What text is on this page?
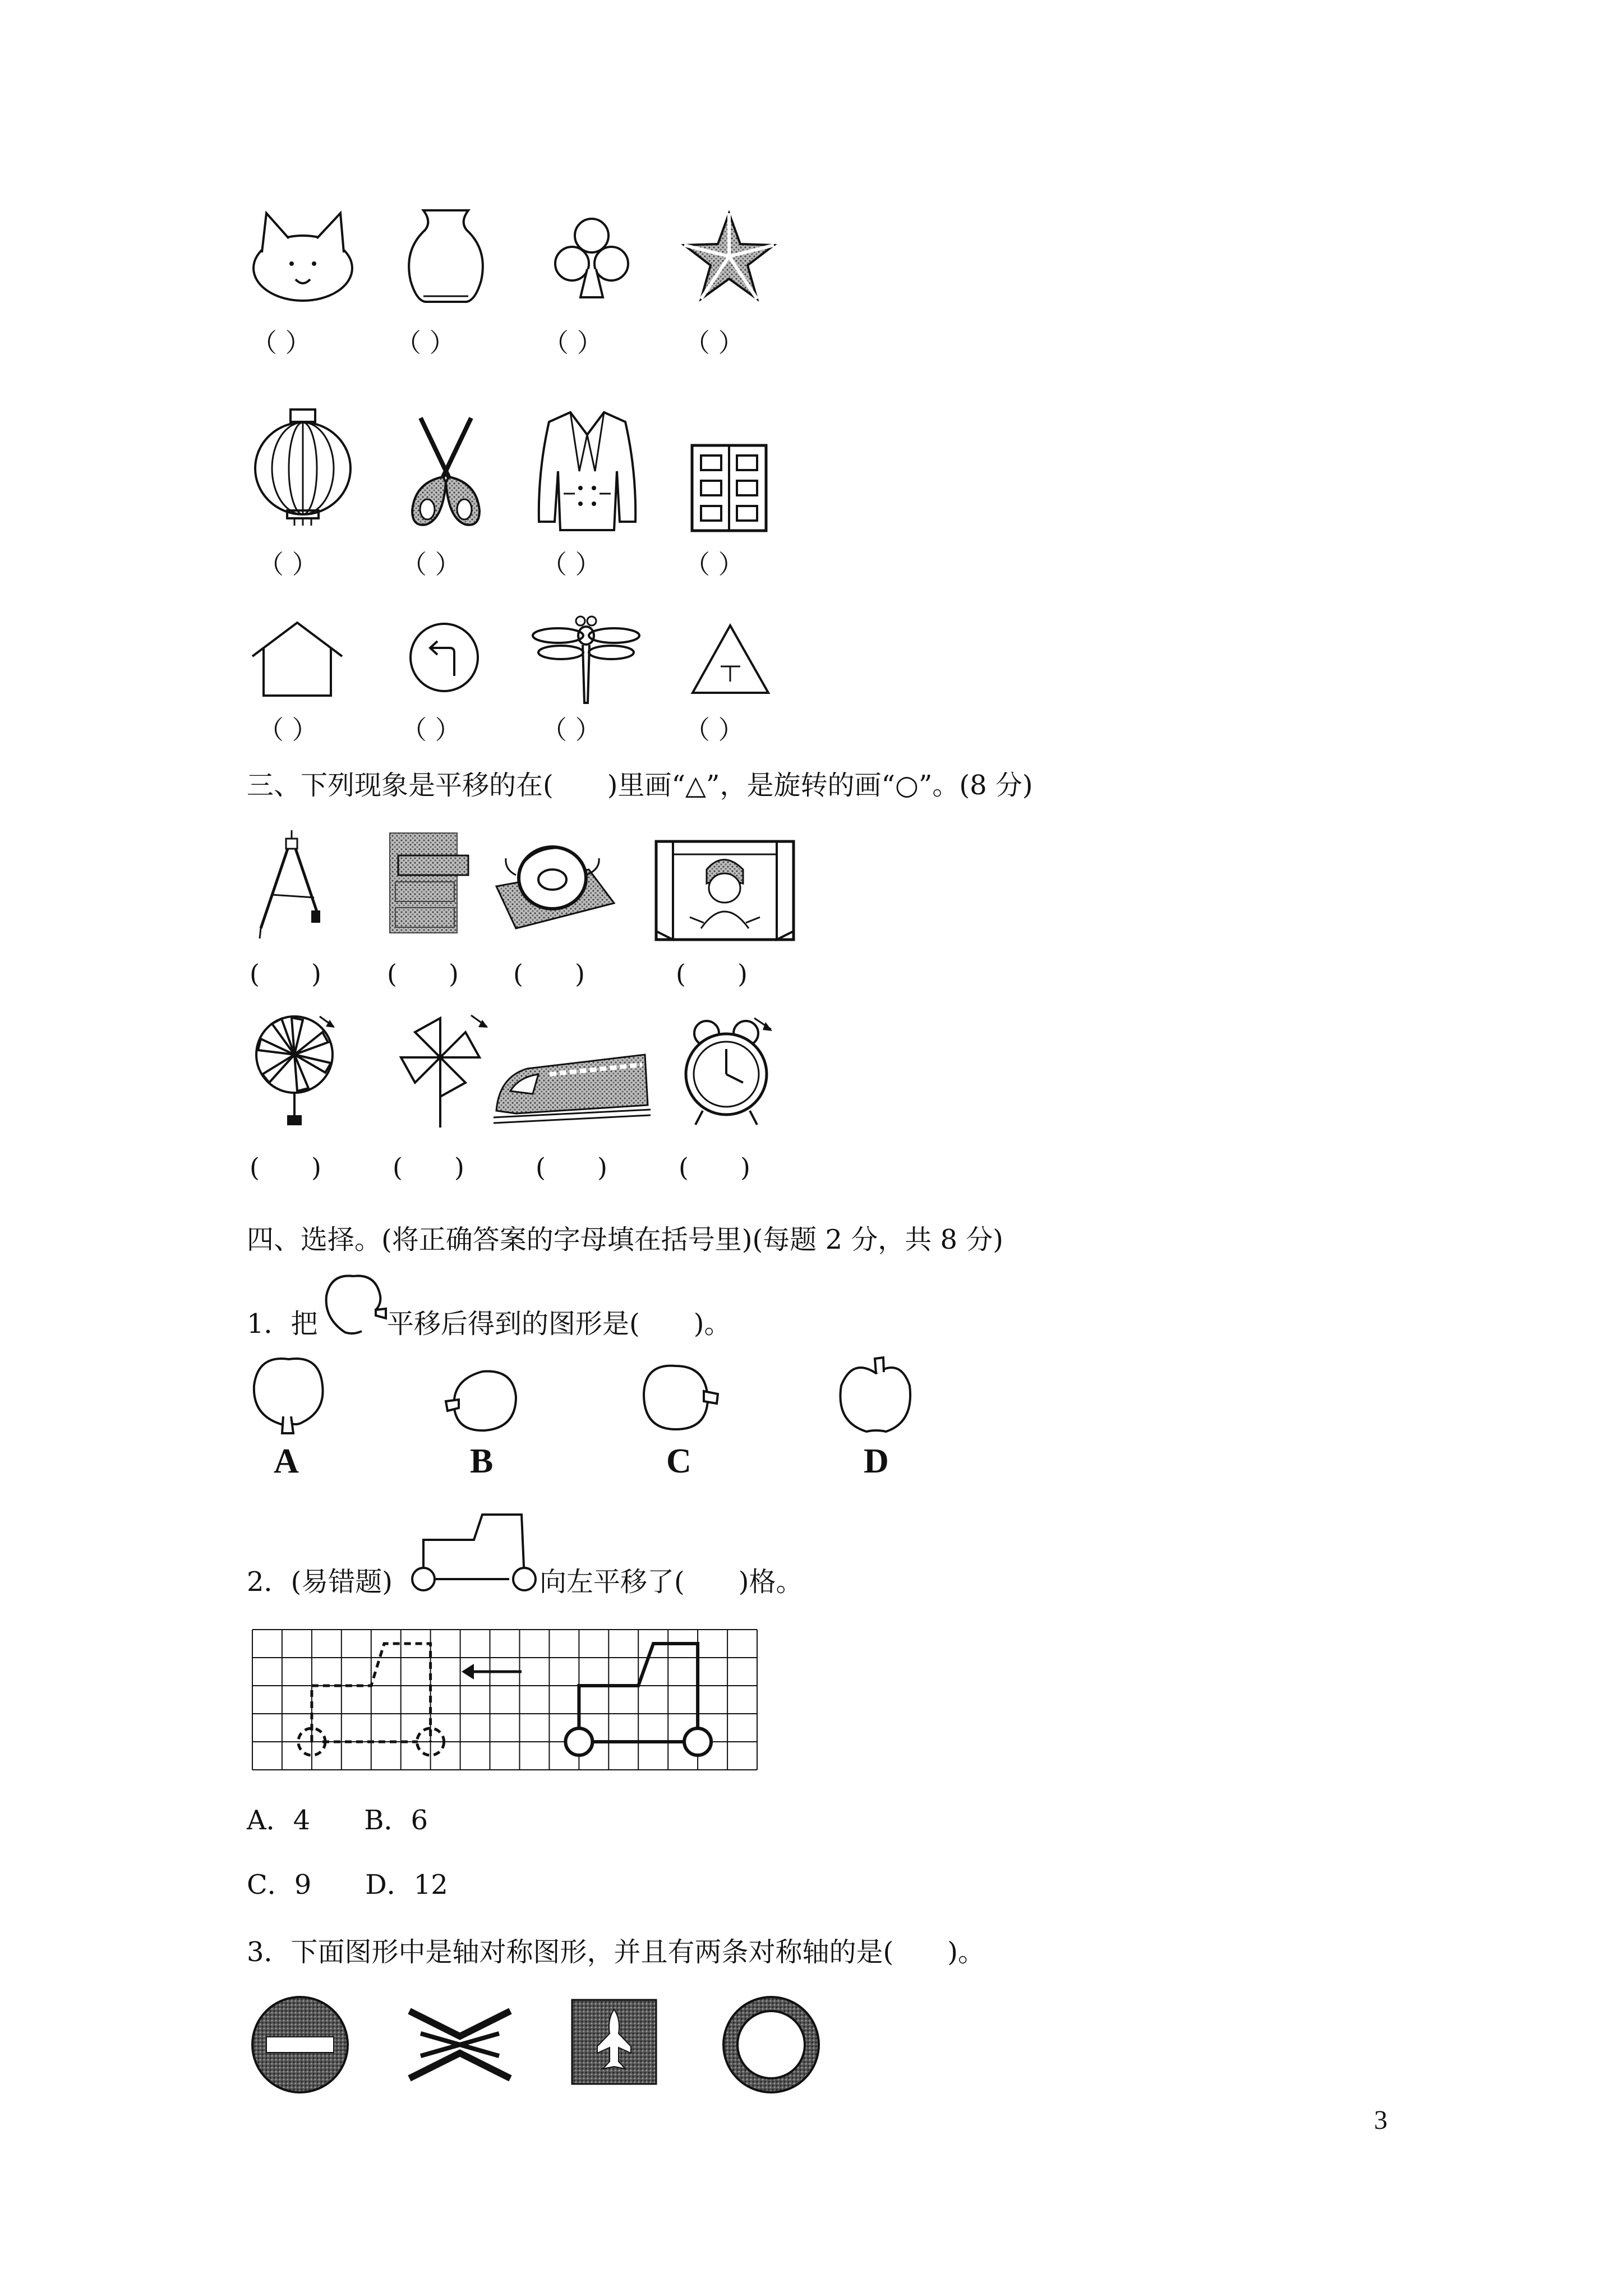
（ ）	（ ）	（ ）	（ ）
（ ）	（ ）	（ ）	（ ）
（ ）	（ ）	（ ）	（ ）
三、下列现象是平移的在(　　)里画“△”，是旋转的画“○”。(8 分)
(　　)	(　　) (　　)	(　　)
(　　)	(　　)	(　　)	(　　)
四、选择。(将正确答案的字母填在括号里)(每题 2 分，共 8 分)
1．把	平移后得到的图形是(　　)。
A	B	C	D
2．(易错题)	向左平移了(　　)格。
A．4　　B．6
C．9　　D．12
3．下面图形中是轴对称图形，并且有两条对称轴的是(　　)。
3
